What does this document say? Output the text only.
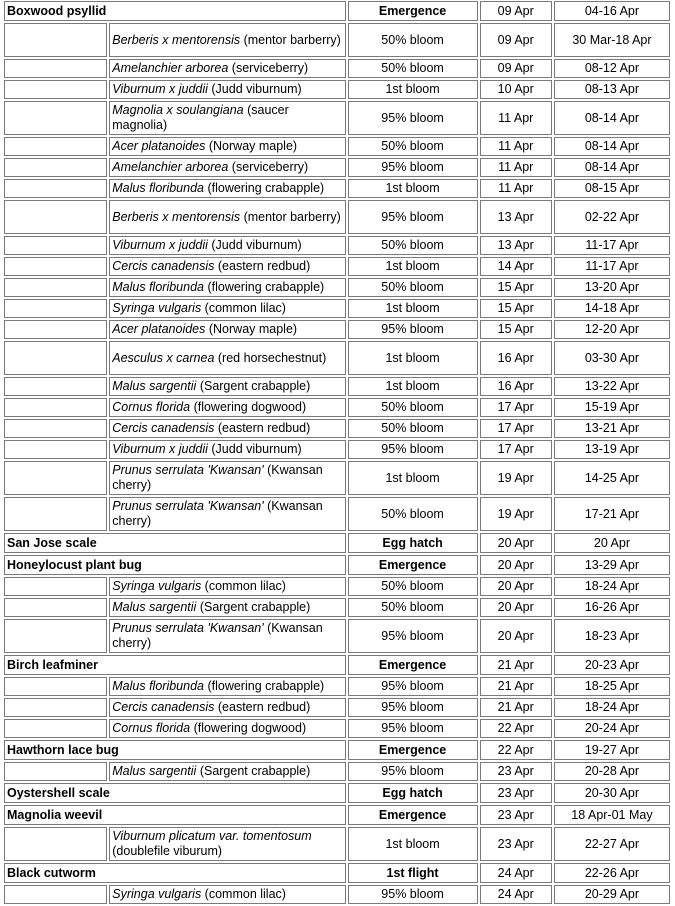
Boxwood psyllid		Emergence	09 Apr	04-16 Apr
	Berberis x mentorensis (mentor barberry)	50% bloom	09 Apr	30 Mar-18 Apr
	Amelanchier arborea (serviceberry)	50% bloom	09 Apr	08-12 Apr
	Viburnum x juddii (Judd viburnum)	1st bloom	10 Apr	08-13 Apr
	Magnolia x soulangiana (saucer magnolia)	95% bloom	11 Apr	08-14 Apr
	Acer platanoides (Norway maple)	50% bloom	11 Apr	08-14 Apr
	Amelanchier arborea (serviceberry)	95% bloom	11 Apr	08-14 Apr
	Malus floribunda (flowering crabapple)	1st bloom	11 Apr	08-15 Apr
	Berberis x mentorensis (mentor barberry)	95% bloom	13 Apr	02-22 Apr
	Viburnum x juddii (Judd viburnum)	50% bloom	13 Apr	11-17 Apr
	Cercis canadensis (eastern redbud)	1st bloom	14 Apr	11-17 Apr
	Malus floribunda (flowering crabapple)	50% bloom	15 Apr	13-20 Apr
	Syringa vulgaris (common lilac)	1st bloom	15 Apr	14-18 Apr
	Acer platanoides (Norway maple)	95% bloom	15 Apr	12-20 Apr
	Aesculus x carnea (red horsechestnut)	1st bloom	16 Apr	03-30 Apr
	Malus sargentii (Sargent crabapple)	1st bloom	16 Apr	13-22 Apr
	Cornus florida (flowering dogwood)	50% bloom	17 Apr	15-19 Apr
	Cercis canadensis (eastern redbud)	50% bloom	17 Apr	13-21 Apr
	Viburnum x juddii (Judd viburnum)	95% bloom	17 Apr	13-19 Apr
	Prunus serrulata 'Kwansan' (Kwansan cherry)	1st bloom	19 Apr	14-25 Apr
	Prunus serrulata 'Kwansan' (Kwansan cherry)	50% bloom	19 Apr	17-21 Apr
San Jose scale		Egg hatch	20 Apr	20 Apr
Honeylocust plant bug		Emergence	20 Apr	13-29 Apr
	Syringa vulgaris (common lilac)	50% bloom	20 Apr	18-24 Apr
	Malus sargentii (Sargent crabapple)	50% bloom	20 Apr	16-26 Apr
	Prunus serrulata 'Kwansan' (Kwansan cherry)	95% bloom	20 Apr	18-23 Apr
Birch leafminer		Emergence	21 Apr	20-23 Apr
	Malus floribunda (flowering crabapple)	95% bloom	21 Apr	18-25 Apr
	Cercis canadensis (eastern redbud)	95% bloom	21 Apr	18-24 Apr
	Cornus florida (flowering dogwood)	95% bloom	22 Apr	20-24 Apr
Hawthorn lace bug		Emergence	22 Apr	19-27 Apr
	Malus sargentii (Sargent crabapple)	95% bloom	23 Apr	20-28 Apr
Oystershell scale		Egg hatch	23 Apr	20-30 Apr
Magnolia weevil		Emergence	23 Apr	18 Apr-01 May
	Viburnum plicatum var. tomentosum (doublefile viburum)	1st bloom	23 Apr	22-27 Apr
Black cutworm		1st flight	24 Apr	22-26 Apr
	Syringa vulgaris (common lilac)	95% bloom	24 Apr	20-29 Apr
